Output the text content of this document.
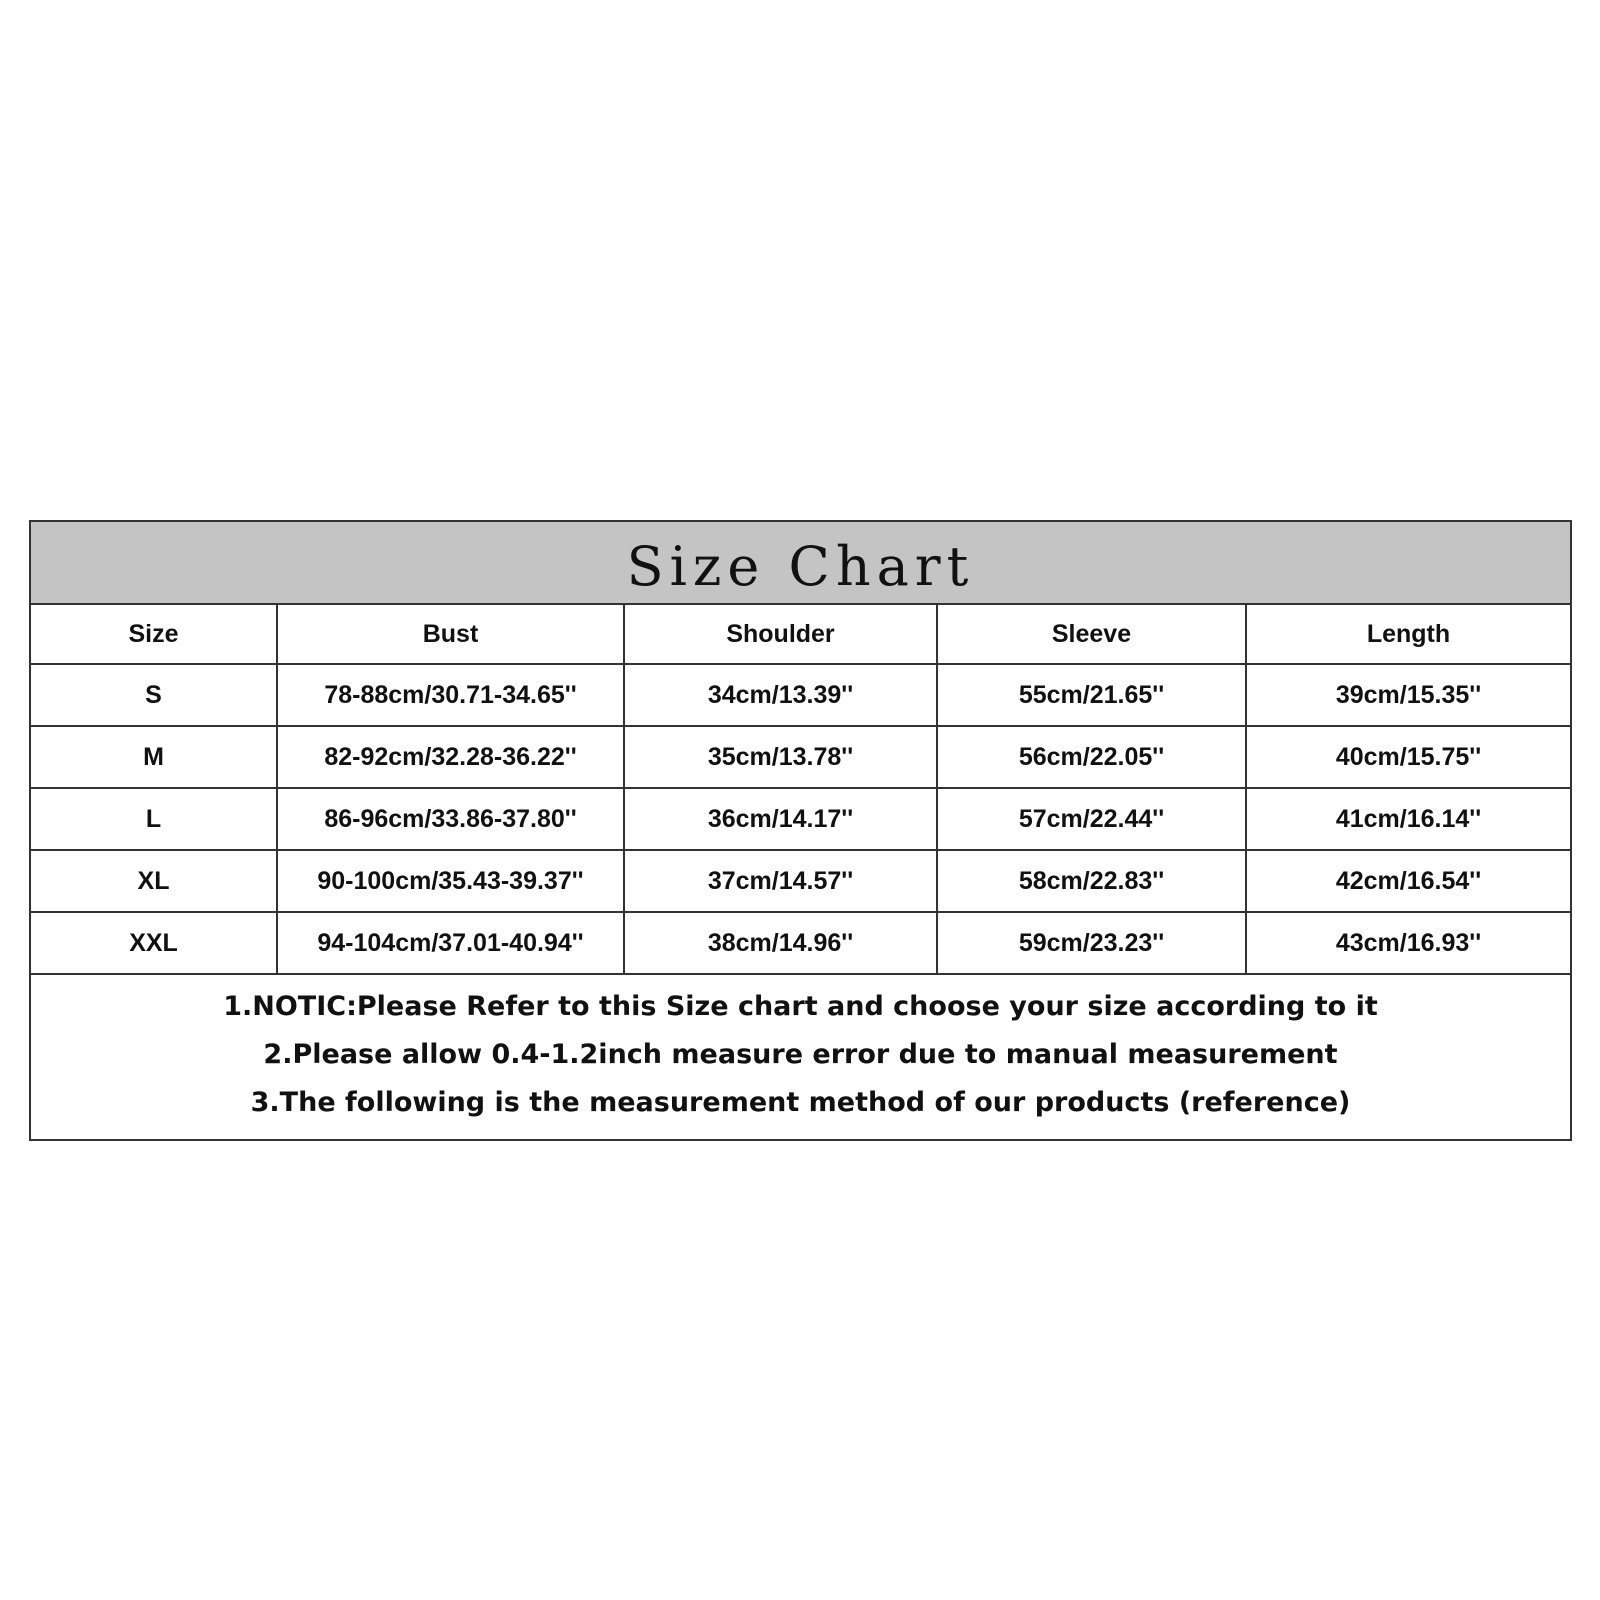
Size Chart
Size	Bust	Shoulder	Sleeve	Length
S	78-88cm/30.71-34.65''	34cm/13.39''	55cm/21.65''	39cm/15.35''
M	82-92cm/32.28-36.22''	35cm/13.78''	56cm/22.05''	40cm/15.75''
L	86-96cm/33.86-37.80''	36cm/14.17''	57cm/22.44''	41cm/16.14''
XL	90-100cm/35.43-39.37''	37cm/14.57''	58cm/22.83''	42cm/16.54''
XXL	94-104cm/37.01-40.94''	38cm/14.96''	59cm/23.23''	43cm/16.93''
1.NOTIC:Please Refer to this Size chart and choose your size according to it
2.Please allow 0.4-1.2inch measure error due to manual measurement
3.The following is the measurement method of our products (reference)
